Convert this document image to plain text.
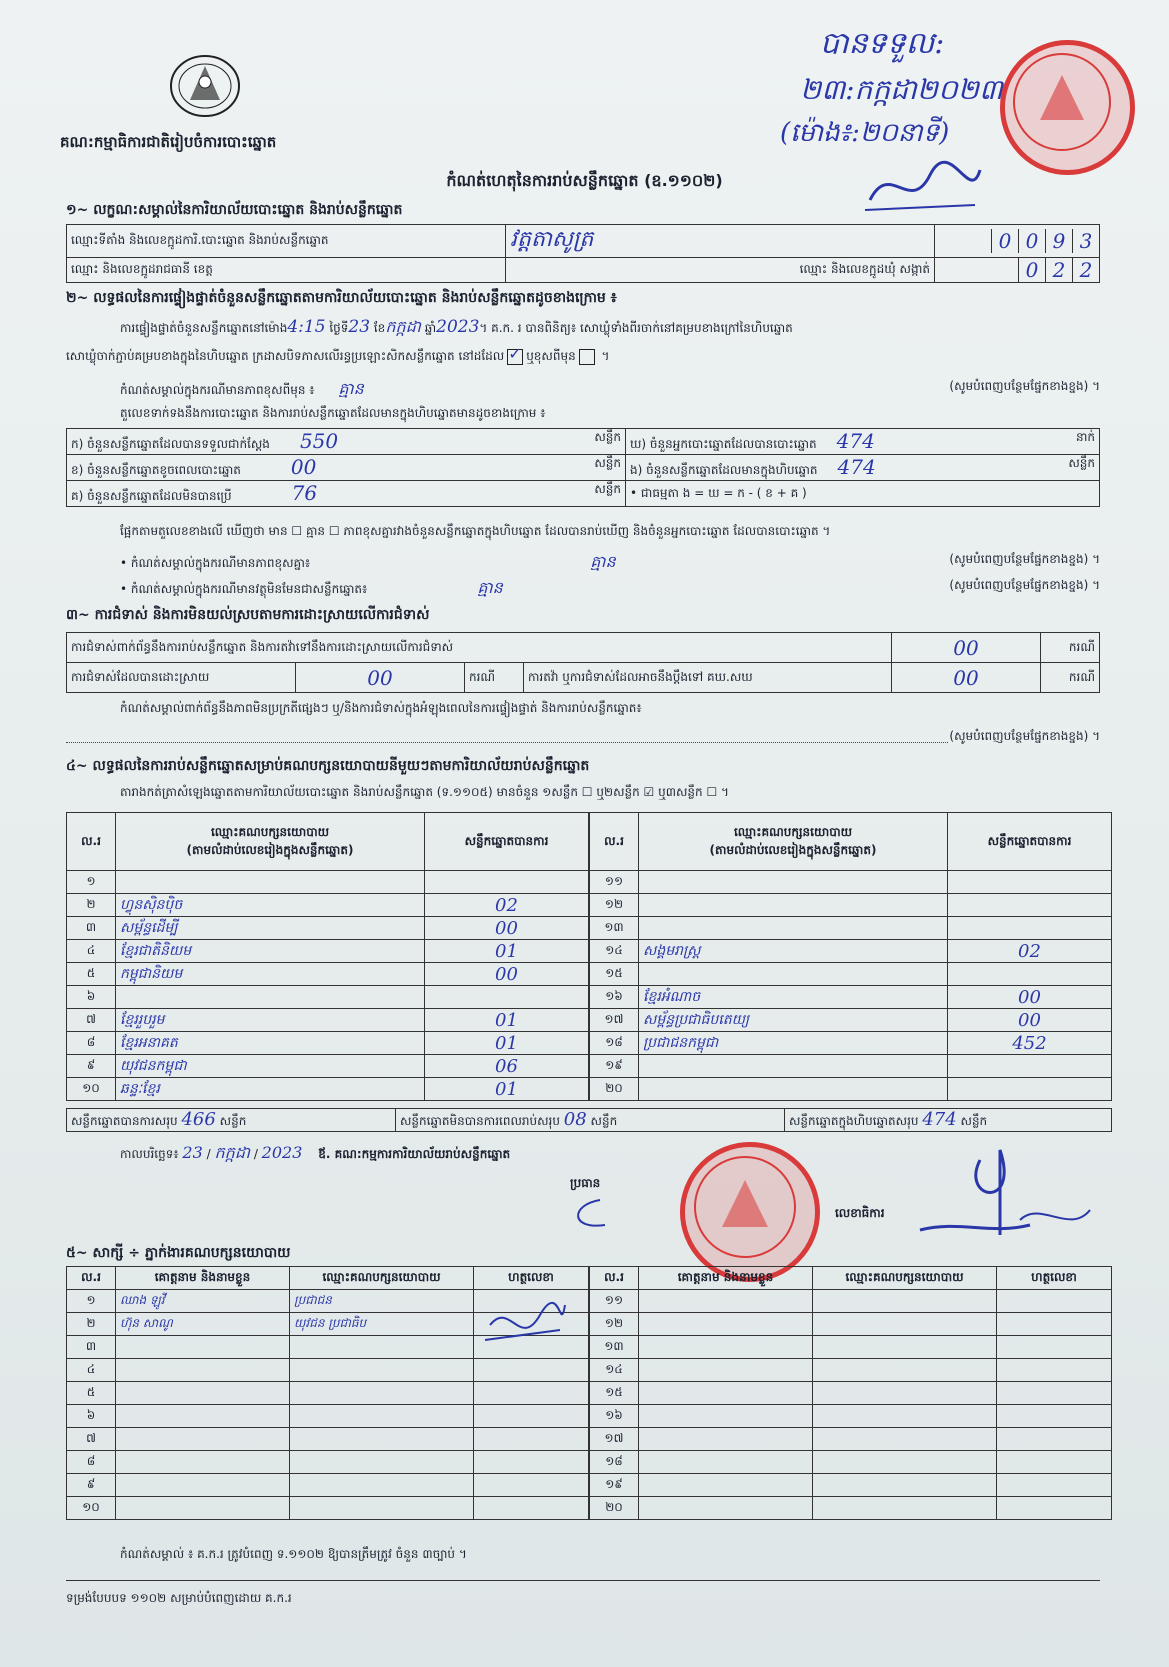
គណ:កម្មាធិការជាតិរៀបចំការបោះឆ្នោត
បានទទួល:
២៣:កក្កដា២០២៣
(ម៉ោង៖:២០នាទី)
កំណត់ហេតុនៃការរាប់សន្លឹកឆ្នោត (ឧ.១១០២)
១~ លក្ខណ:សម្គាល់នៃការិយាល័យបោះឆ្នោត និងរាប់សន្លឹកឆ្នោត
ឈ្មោះទីតាំង និងលេខក្អូដការិ.បោះឆ្នោត និងរាប់សន្លឹកឆ្នោត	វត្តតាសូត្រ	0 0 9 3
ឈ្មោះ និងលេខក្អូដរាជធានី ខេត្ត	ឈ្មោះ និងលេខក្អូដឃុំ សង្កាត់	0 2 2
២~ លទ្ធផលនៃការផ្ទៀងផ្ទាត់ចំនួនសន្លឹកឆ្នោតតាមការិយាល័យបោះឆ្នោត និងរាប់សន្លឹកឆ្នោតដូចខាងក្រោម ៖
ការផ្ទៀងផ្ទាត់ចំនួនសន្លឹកឆ្នោតនៅម៉ោង4:15 ថ្ងៃទី23 ខែកក្កដា ឆ្នាំ2023។ គ.ក. រ បានពិនិត្យ៖ សោឃ្លុំទាំងពីរចាក់នៅគម្របខាងក្រៅនៃហិបឆ្នោត
សោឃ្លុំចាក់ភ្ជាប់គម្របខាងក្នុងនៃហិបឆ្នោត ក្រដាសបិទភាសលើរន្ធប្រឡោះសិកសន្លឹកឆ្នោត នៅដដែល ✓ ឬខុសពីមុន ។
កំណត់សម្គាល់ក្នុងករណីមានភាពខុសពីមុន ៖ គ្មាន	(សូមបំពេញបន្ថែមផ្នែកខាងខ្នង) ។
តួលេខទាក់ទងនឹងការបោះឆ្នោត និងការរាប់សន្លឹកឆ្នោតដែលមានក្នុងហិបឆ្នោតមានដូចខាងក្រោម ៖
ក) ចំនួនសន្លឹកឆ្នោតដែលបានទទួលជាក់ស្តែង 550 សន្លឹក	ឃ) ចំនួនអ្នកបោះឆ្នោតដែលបានបោះឆ្នោត 474 នាក់

ខ) ចំនួនសន្លឹកឆ្នោតខូចពេលបោះឆ្នោត 00 សន្លឹក	ង) ចំនួនសន្លឹកឆ្នោតដែលមានក្នុងហិបឆ្នោត 474 សន្លឹក

គ) ចំនួនសន្លឹកឆ្នោតដែលមិនបានប្រើ 76 សន្លឹក	• ជាធម្មតា ង = ឃ = ក - ( ខ + គ )
ផ្អែកតាមតួលេខខាងលើ ឃើញថា មាន ☐ គ្មាន ☐ ភាពខុសគ្នារវាងចំនួនសន្លឹកឆ្នោតក្នុងហិបឆ្នោត ដែលបានរាប់ឃើញ និងចំនួនអ្នកបោះឆ្នោត ដែលបានបោះឆ្នោត ។
• កំណត់សម្គាល់ក្នុងករណីមានភាពខុសគ្នា៖	គ្មាន	(សូមបំពេញបន្ថែមផ្នែកខាងខ្នង) ។
• កំណត់សម្គាល់ក្នុងករណីមានវត្ថុមិនមែនជាសន្លឹកឆ្នោត៖	គ្មាន	(សូមបំពេញបន្ថែមផ្នែកខាងខ្នង) ។
៣~ ការជំទាស់ និងការមិនយល់ស្របតាមការដោះស្រាយលើការជំទាស់
ការជំទាស់ពាក់ព័ន្ធនឹងការរាប់សន្លឹកឆ្នោត និងការតវ៉ាទៅនឹងការដោះស្រាយលើការជំទាស់				00	ករណី
ការជំទាស់ដែលបានដោះស្រាយ	00	ករណី	ការតវ៉ា ឬការជំទាស់ដែលអាចនឹងប្តឹងទៅ គឃ.សឃ	00	ករណី
កំណត់សម្គាល់ពាក់ព័ន្ធនឹងភាពមិនប្រក្រតីផ្សេងៗ ឬ/និងការជំទាស់ក្នុងអំឡុងពេលនៃការផ្ទៀងផ្ទាត់ និងការរាប់សន្លឹកឆ្នោត៖
(សូមបំពេញបន្ថែមផ្នែកខាងខ្នង) ។
៤~ លទ្ធផលនៃការរាប់សន្លឹកឆ្នោតសម្រាប់គណបក្សនយោបាយនីមួយៗតាមការិយាល័យរាប់សន្លឹកឆ្នោត
តារាងកត់ត្រាសំឡេងឆ្នោតតាមការិយាល័យបោះឆ្នោត និងរាប់សន្លឹកឆ្នោត (ទ.១១០៥) មានចំនួន ១សន្លឹក ☐ ឬ២សន្លឹក ☑ ឬ៣សន្លឹក ☐ ។
ល.រ	ឈ្មោះគណបក្សនយោបាយ
(តាមលំដាប់លេខរៀងក្នុងសន្លឹកឆ្នោត)	សន្លឹកឆ្នោតបានការ
១		
២	ហ្វុនស៊ិនប៉ិច	02
៣	សម្ព័ន្ធដើម្បី	00
៤	ខ្មែរជាតិនិយម	01
៥	កម្ពុជានិយម	00
៦		
៧	ខ្មែររួបរួម	01
៨	ខ្មែរអនាគត	01
៩	យុវជនកម្ពុជា	06
១០	ឆន្ទៈខ្មែរ	01
ល.រ	ឈ្មោះគណបក្សនយោបាយ
(តាមលំដាប់លេខរៀងក្នុងសន្លឹកឆ្នោត)	សន្លឹកឆ្នោតបានការ
១១		
១២		
១៣		
១៤	សង្គមរាស្ត្រ	02
១៥		
១៦	ខ្មែរអំណាច	00
១៧	សម្ព័ន្ធប្រជាធិបតេយ្យ	00
១៨	ប្រជាជនកម្ពុជា	452
១៩		
២០		
សន្លឹកឆ្នោតបានការសរុប 466 សន្លឹក	សន្លឹកឆ្នោតមិនបានការពេលរាប់សរុប 08 សន្លឹក	សន្លឹកឆ្នោតក្នុងហិបឆ្នោតសរុប 474 សន្លឹក
កាលបរិច្ឆេទ៖ 23 / កក្កដា / 2023 ឪ. គណ:កម្មការការិយាល័យរាប់សន្លឹកឆ្នោត
ប្រធាន
លេខាធិការ
៥~ សាក្សី ÷ ភ្នាក់ងារគណបក្សនយោបាយ
ល.រ	គោត្តនាម និងនាមខ្លួន	ឈ្មោះគណបក្សនយោបាយ	ហត្ថលេខា
១	ឈាង ឡូវី	ប្រជាជន	
២	ហ៊ុន សាណូ	យុវជន ប្រជាធិប	
៣			
៤			
៥			
៦			
៧			
៨			
៩			
១០			
ល.រ	គោត្តនាម និងនាមខ្លួន	ឈ្មោះគណបក្សនយោបាយ	ហត្ថលេខា
១១			
១២			
១៣			
១៤			
១៥			
១៦			
១៧			
១៨			
១៩			
២០			
កំណត់សម្គាល់ ៖ គ.ក.រ ត្រូវបំពេញ ទ.១១០២ ឱ្យបានត្រឹមត្រូវ ចំនួន ៣ច្បាប់ ។
ទម្រង់បែបបទ ១១០២ សម្រាប់បំពេញដោយ គ.ក.រ
